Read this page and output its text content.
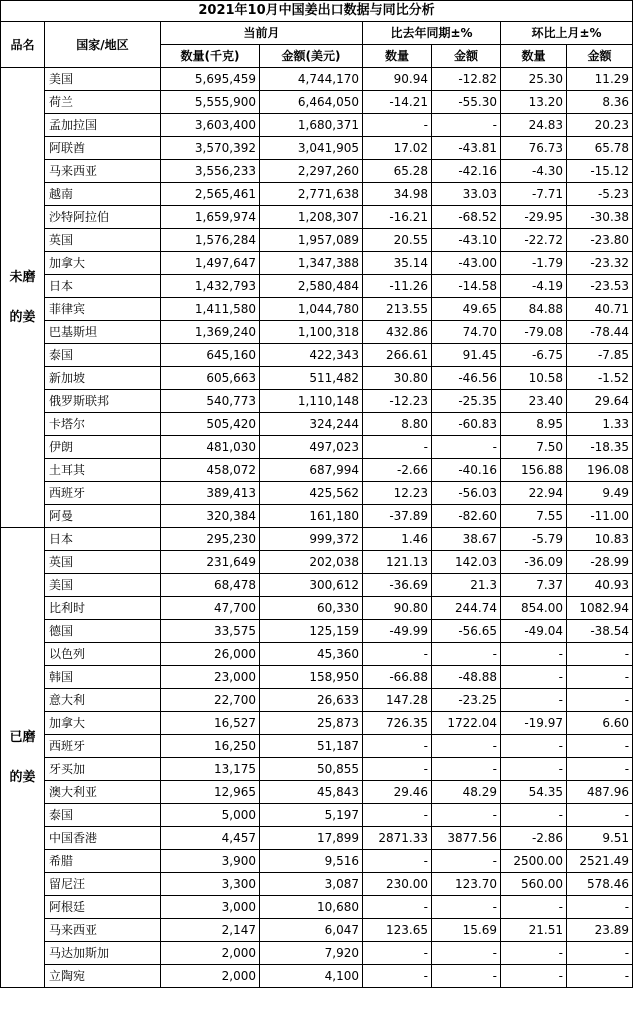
2021年10月中国姜出口数据与同比分析							
品名	国家/地区	当前月		比去年同期±%		环比上月±%	
		数量(千克)	金额(美元)	数量	金额	数量	金额
未磨的姜	美国	5,695,459	4,744,170	90.94	-12.82	25.30	11.29
	荷兰	5,555,900	6,464,050	-14.21	-55.30	13.20	8.36
	孟加拉国	3,603,400	1,680,371	-	-	24.83	20.23
	阿联酋	3,570,392	3,041,905	17.02	-43.81	76.73	65.78
	马来西亚	3,556,233	2,297,260	65.28	-42.16	-4.30	-15.12
	越南	2,565,461	2,771,638	34.98	33.03	-7.71	-5.23
	沙特阿拉伯	1,659,974	1,208,307	-16.21	-68.52	-29.95	-30.38
	英国	1,576,284	1,957,089	20.55	-43.10	-22.72	-23.80
	加拿大	1,497,647	1,347,388	35.14	-43.00	-1.79	-23.32
	日本	1,432,793	2,580,484	-11.26	-14.58	-4.19	-23.53
	菲律宾	1,411,580	1,044,780	213.55	49.65	84.88	40.71
	巴基斯坦	1,369,240	1,100,318	432.86	74.70	-79.08	-78.44
	泰国	645,160	422,343	266.61	91.45	-6.75	-7.85
	新加坡	605,663	511,482	30.80	-46.56	10.58	-1.52
	俄罗斯联邦	540,773	1,110,148	-12.23	-25.35	23.40	29.64
	卡塔尔	505,420	324,244	8.80	-60.83	8.95	1.33
	伊朗	481,030	497,023	-	-	7.50	-18.35
	土耳其	458,072	687,994	-2.66	-40.16	156.88	196.08
	西班牙	389,413	425,562	12.23	-56.03	22.94	9.49
	阿曼	320,384	161,180	-37.89	-82.60	7.55	-11.00
已磨的姜	日本	295,230	999,372	1.46	38.67	-5.79	10.83
	英国	231,649	202,038	121.13	142.03	-36.09	-28.99
	美国	68,478	300,612	-36.69	21.3	7.37	40.93
	比利时	47,700	60,330	90.80	244.74	854.00	1082.94
	德国	33,575	125,159	-49.99	-56.65	-49.04	-38.54
	以色列	26,000	45,360	-	-	-	-
	韩国	23,000	158,950	-66.88	-48.88	-	-
	意大利	22,700	26,633	147.28	-23.25	-	-
	加拿大	16,527	25,873	726.35	1722.04	-19.97	6.60
	西班牙	16,250	51,187	-	-	-	-
	牙买加	13,175	50,855	-	-	-	-
	澳大利亚	12,965	45,843	29.46	48.29	54.35	487.96
	泰国	5,000	5,197	-	-	-	-
	中国香港	4,457	17,899	2871.33	3877.56	-2.86	9.51
	希腊	3,900	9,516	-	-	2500.00	2521.49
	留尼汪	3,300	3,087	230.00	123.70	560.00	578.46
	阿根廷	3,000	10,680	-	-	-	-
	马来西亚	2,147	6,047	123.65	15.69	21.51	23.89
	马达加斯加	2,000	7,920	-	-	-	-
	立陶宛	2,000	4,100	-	-	-	-
